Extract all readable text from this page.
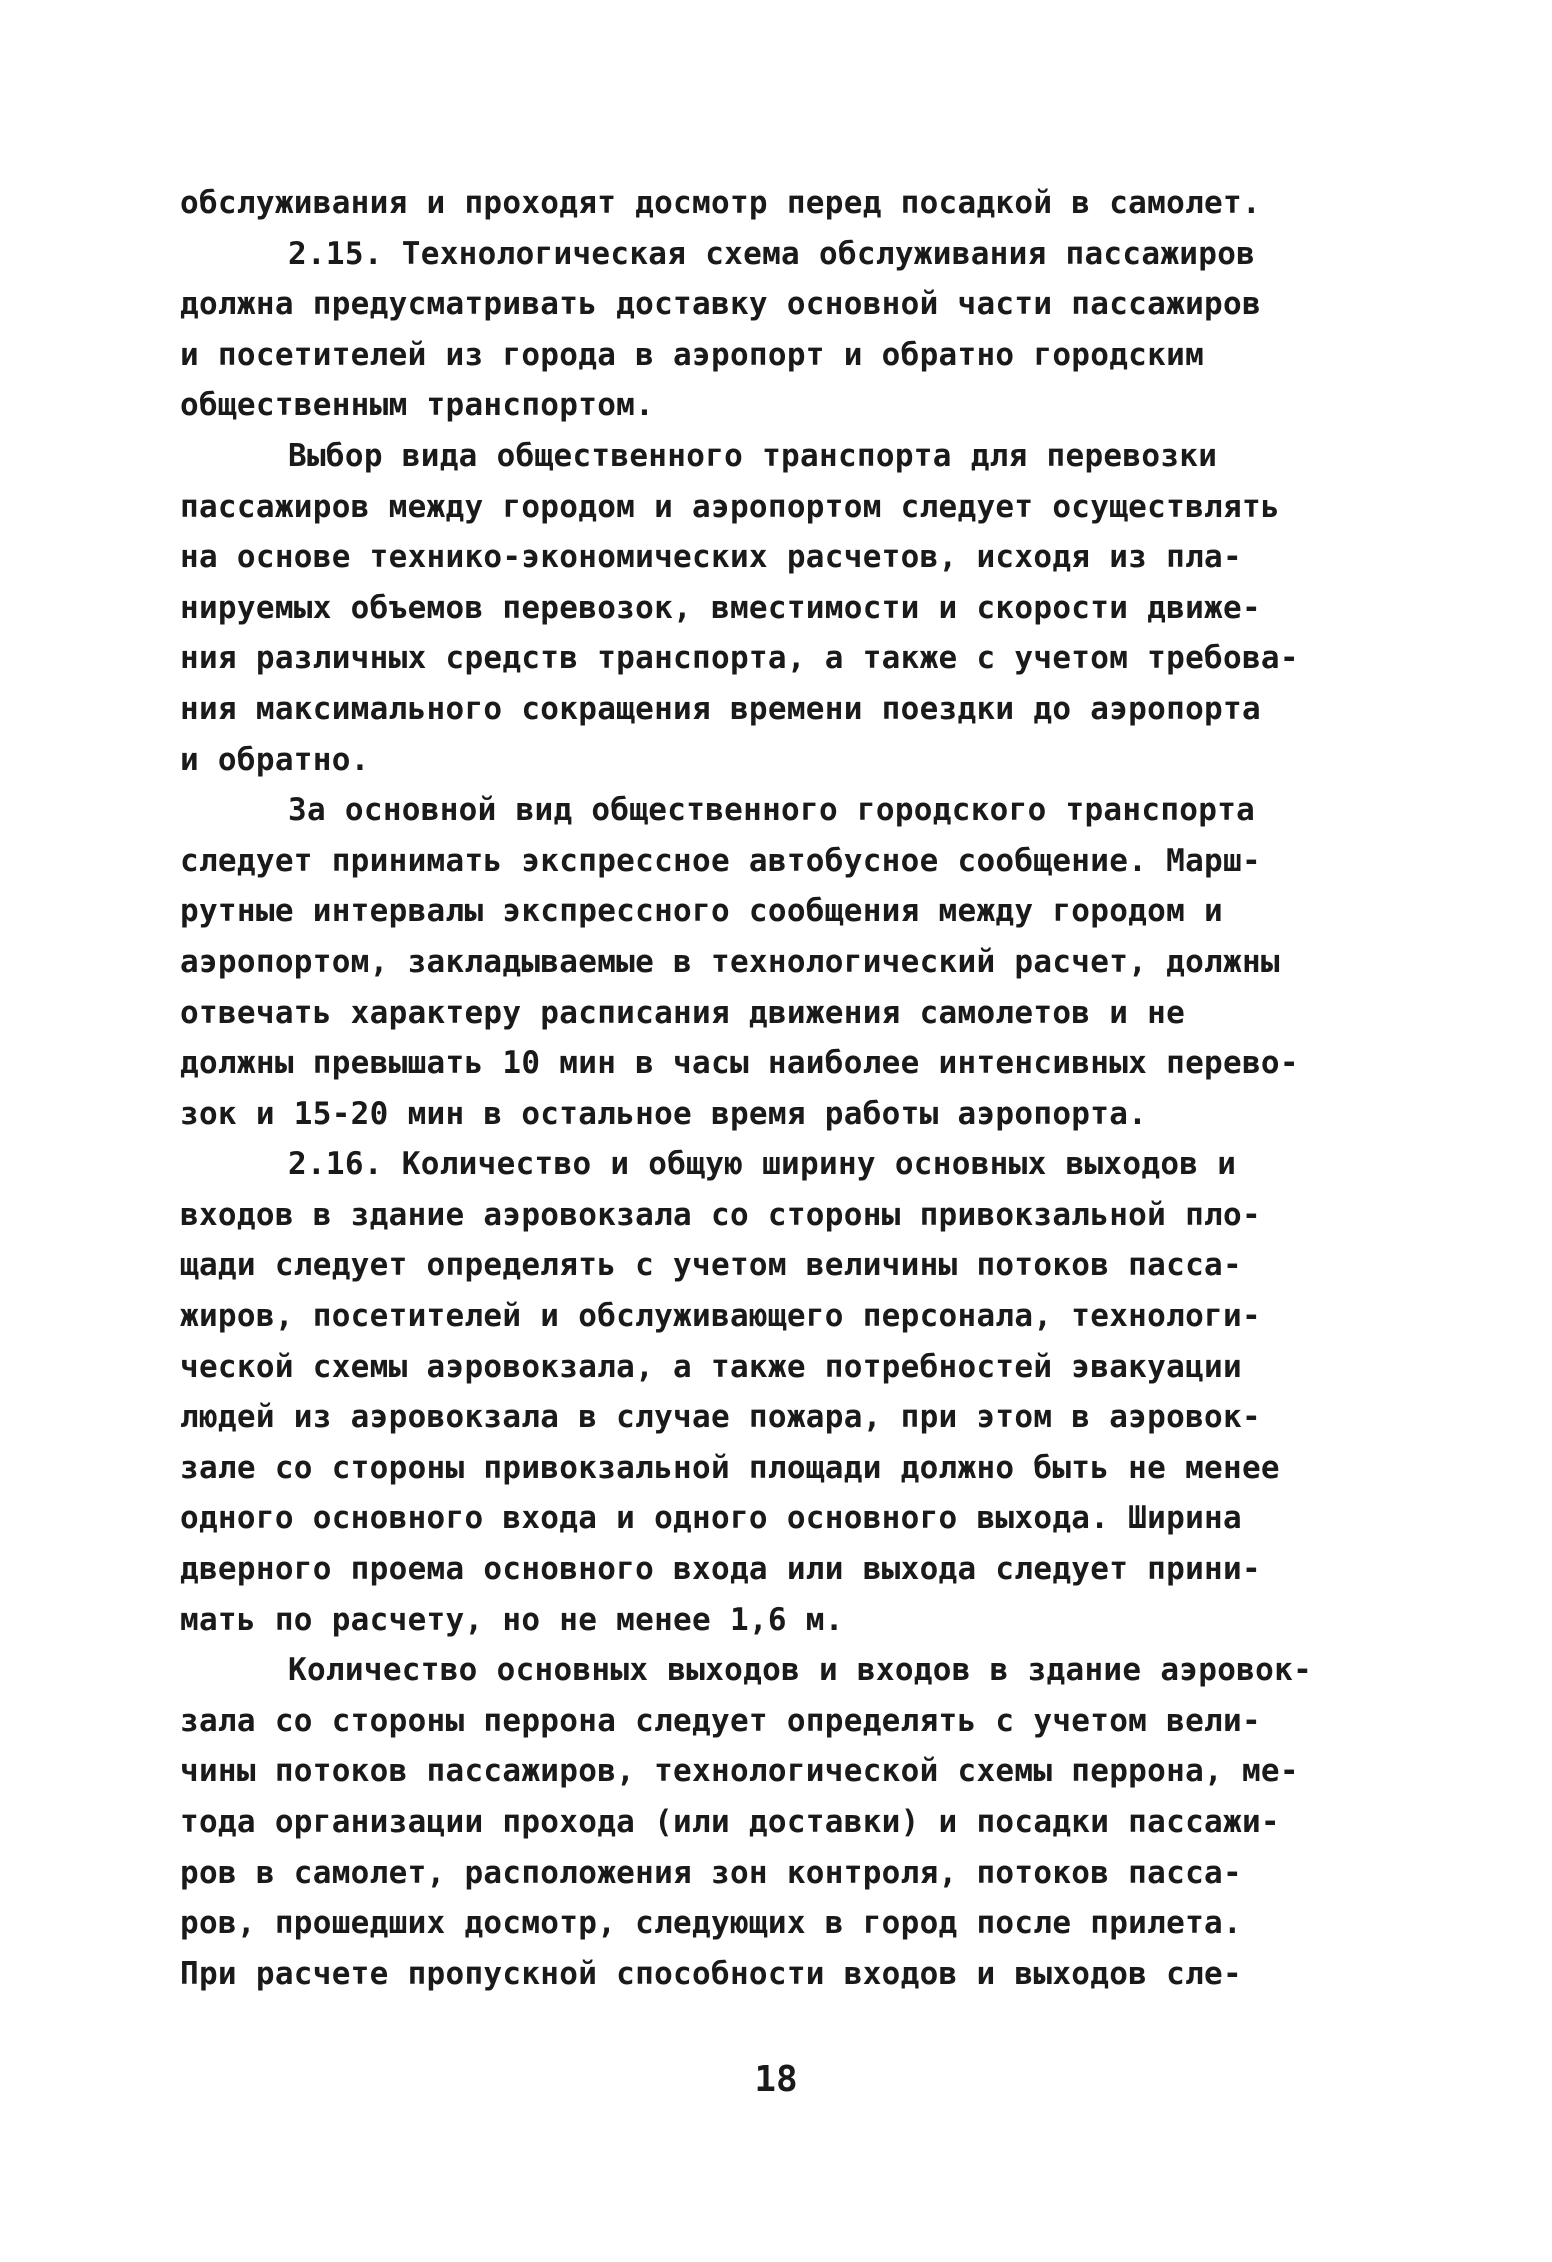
обслуживания и проходят досмотр перед посадкой в самолет.
2.15. Технологическая схема обслуживания пассажиров
должна предусматривать доставку основной части пассажиров
и посетителей из города в аэропорт и обратно городским
общественным транспортом.
Выбор вида общественного транспорта для перевозки
пассажиров между городом и аэропортом следует осуществлять
на основе технико-экономических расчетов, исходя из пла-
нируемых объемов перевозок, вместимости и скорости движе-
ния различных средств транспорта, а также с учетом требова-
ния максимального сокращения времени поездки до аэропорта
и обратно.
За основной вид общественного городского транспорта
следует принимать экспрессное автобусное сообщение. Марш-
рутные интервалы экспрессного сообщения между городом и
аэропортом, закладываемые в технологический расчет, должны
отвечать характеру расписания движения самолетов и не
должны превышать 10 мин в часы наиболее интенсивных перево-
зок и 15-20 мин в остальное время работы аэропорта.
2.16. Количество и общую ширину основных выходов и
входов в здание аэровокзала со стороны привокзальной пло-
щади следует определять с учетом величины потоков пасса-
жиров, посетителей и обслуживающего персонала, технологи-
ческой схемы аэровокзала, а также потребностей эвакуации
людей из аэровокзала в случае пожара, при этом в аэровок-
зале со стороны привокзальной площади должно быть не менее
одного основного входа и одного основного выхода. Ширина
дверного проема основного входа или выхода следует прини-
мать по расчету, но не менее 1,6 м.
Количество основных выходов и входов в здание аэровок-
зала со стороны перрона следует определять с учетом вели-
чины потоков пассажиров, технологической схемы перрона, ме-
тода организации прохода (или доставки) и посадки пассажи-
ров в самолет, расположения зон контроля, потоков пасса-
ров, прошедших досмотр, следующих в город после прилета.
При расчете пропускной способности входов и выходов сле-
18
